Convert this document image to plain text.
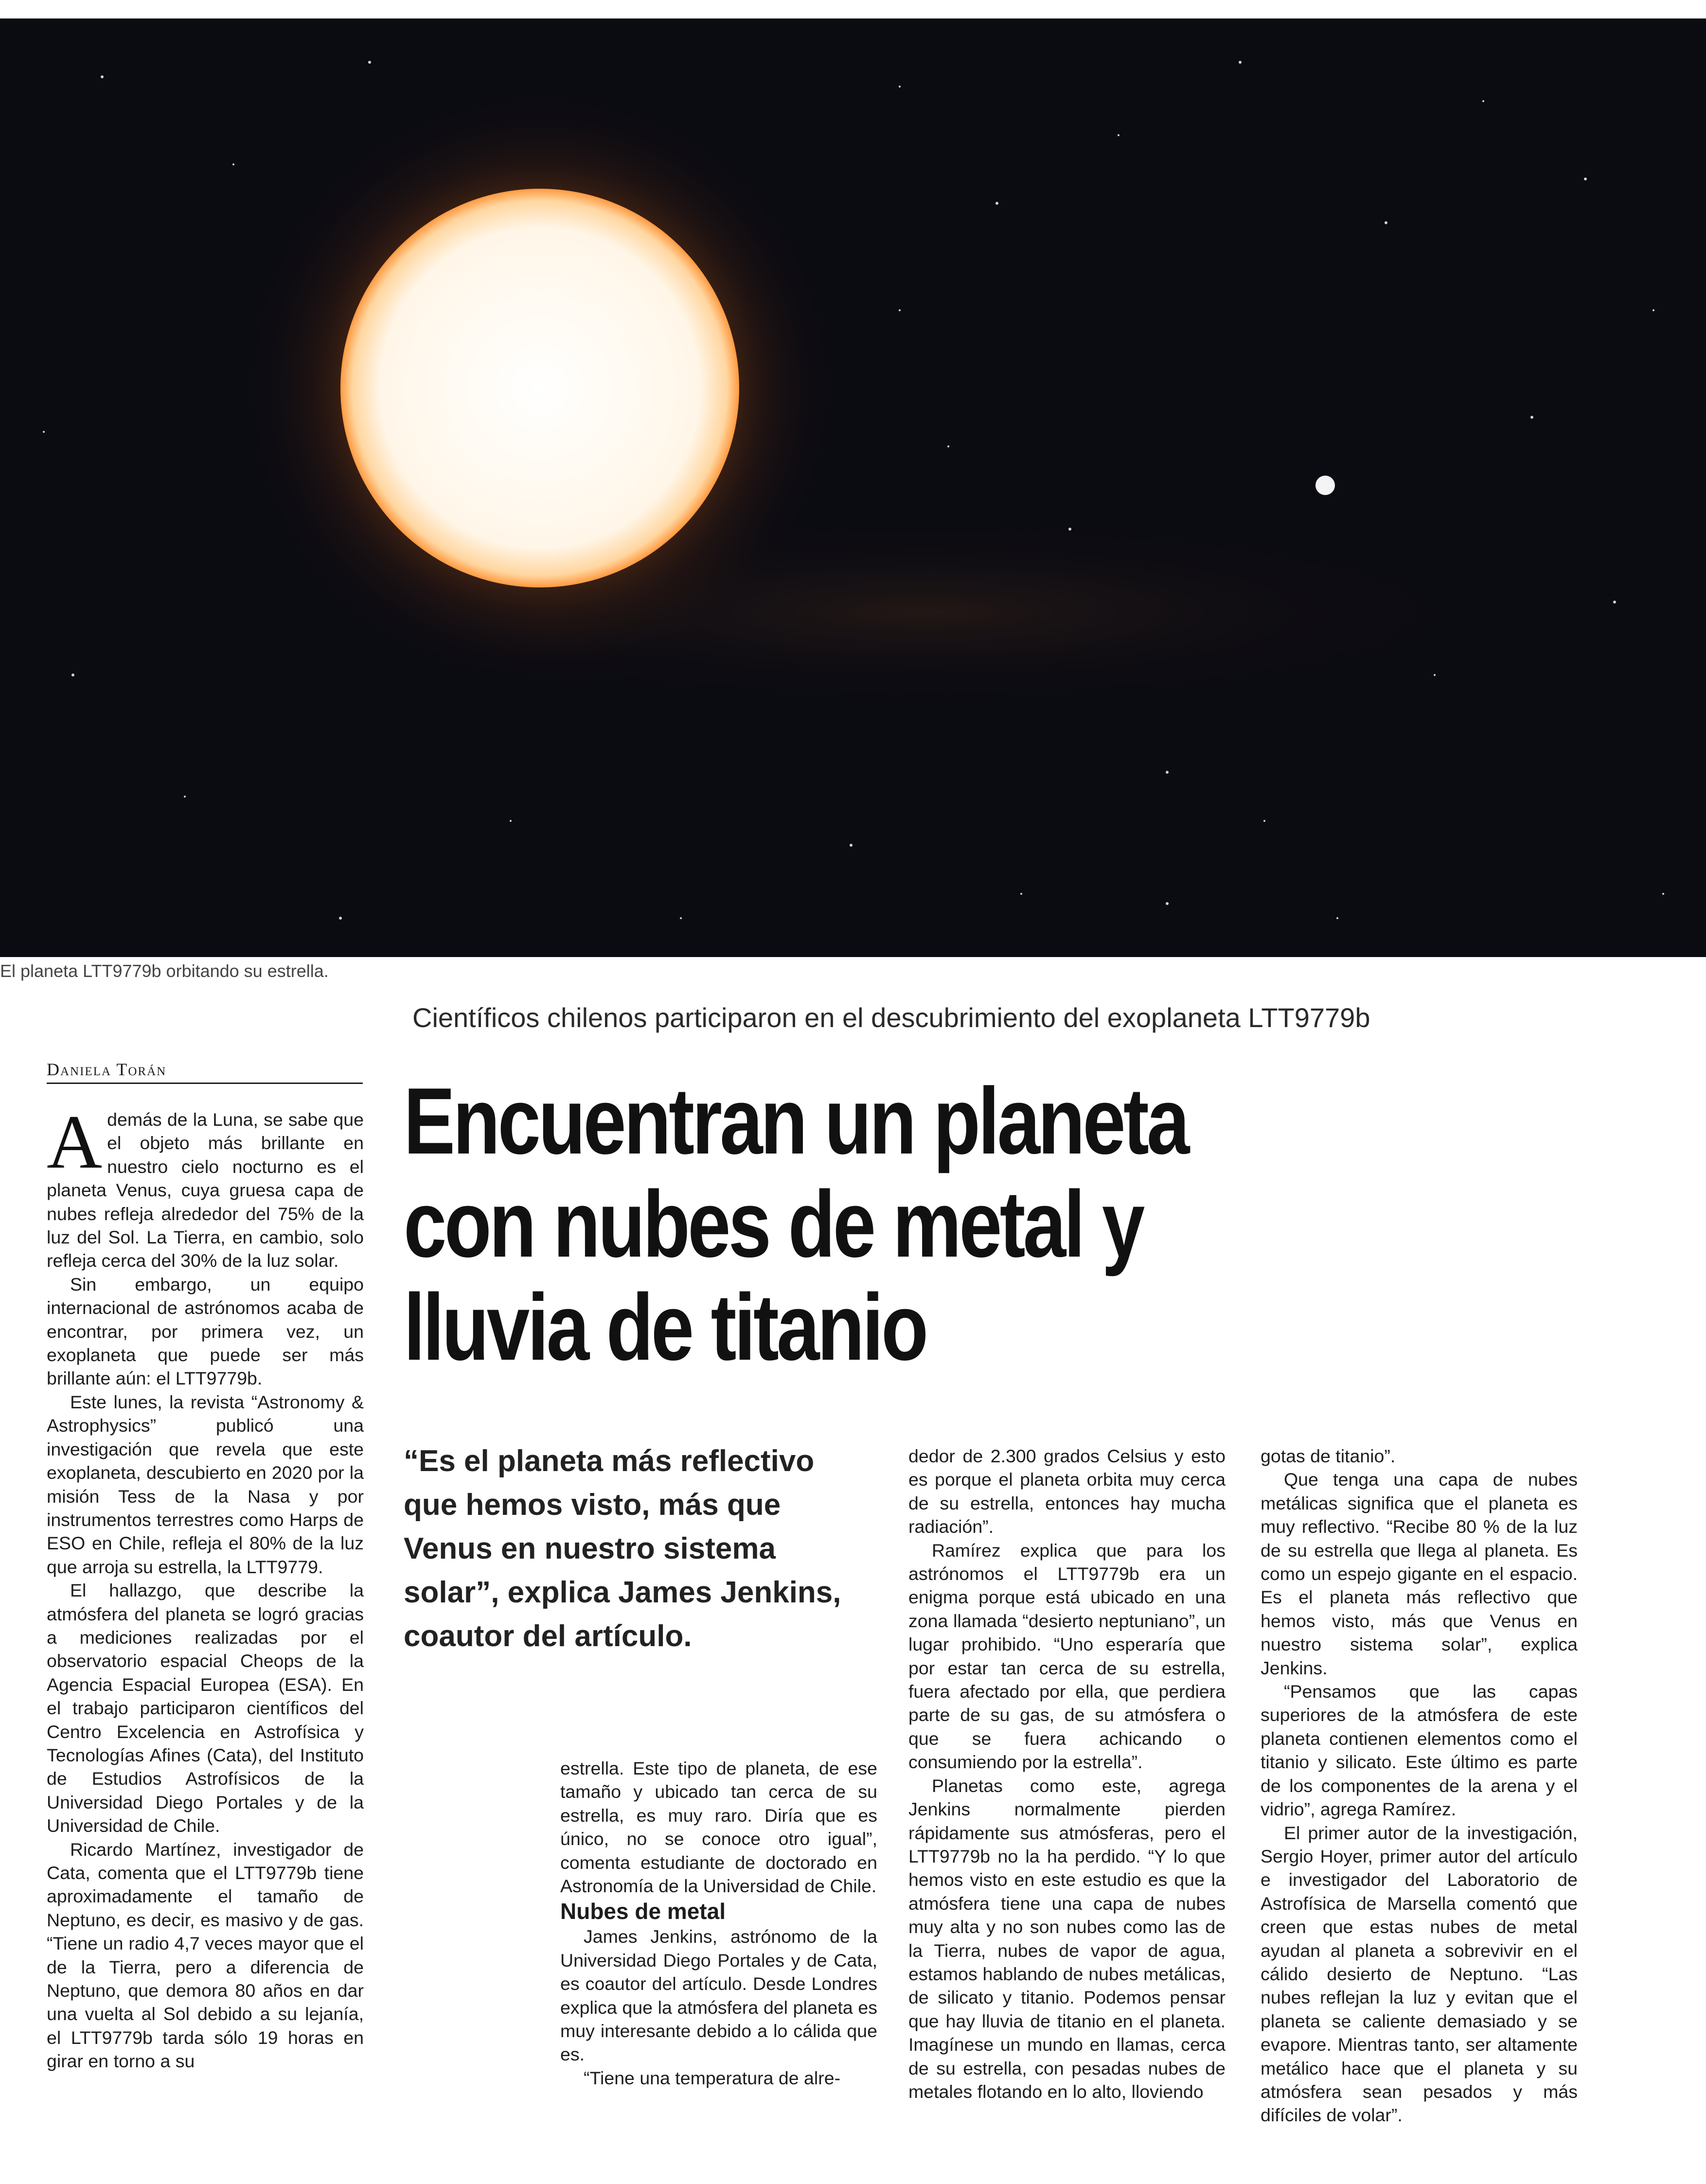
El planeta LTT9779b orbitando su estrella.
Científicos chilenos participaron en el descubrimiento del exoplaneta LTT9779b
Daniela Torán	Encuentran un planeta
con nubes de metal y
lluvia de titanio
“Es el planeta más reflectivo que hemos visto, más que Venus en nuestro sistema solar”, explica James Jenkins, coautor del artículo.

Además de la Luna, se sabe que el objeto más brillante en nuestro cielo nocturno es el planeta Venus, cuya gruesa capa de nubes refleja alrededor del 75% de la luz del Sol. La Tierra, en cambio, solo refleja cerca del 30% de la luz solar.

Sin embargo, un equipo internacional de astrónomos acaba de encontrar, por primera vez, un exoplaneta que puede ser más brillante aún: el LTT9779b.

Este lunes, la revista “Astronomy & Astrophysics” publicó una investigación que revela que este exoplaneta, descubierto en 2020 por la misión Tess de la Nasa y por instrumentos terrestres como Harps de ESO en Chile, refleja el 80% de la luz que arroja su estrella, la LTT9779.

El hallazgo, que describe la atmósfera del planeta se logró gracias a mediciones realizadas por el observatorio espacial Cheops de la Agencia Espacial Europea (ESA). En el trabajo participaron científicos del Centro Excelencia en Astrofísica y Tecnologías Afines (Cata), del Instituto de Estudios Astrofísicos de la Universidad Diego Portales y de la Universidad de Chile.

Ricardo Martínez, investigador de Cata, comenta que el LTT9779b tiene aproximadamente el tamaño de Neptuno, es decir, es masivo y de gas. “Tiene un radio 4,7 veces mayor que el de la Tierra, pero a diferencia de Neptuno, que demora 80 años en dar una vuelta al Sol debido a su lejanía, el LTT9779b tarda sólo 19 horas en girar en torno a su

estrella. Este tipo de planeta, de ese tamaño y ubicado tan cerca de su estrella, es muy raro. Diría que es único, no se conoce otro igual”, comenta estudiante de doctorado en Astronomía de la Universidad de Chile.

Nubes de metal

James Jenkins, astrónomo de la Universidad Diego Portales y de Cata, es coautor del artículo. Desde Londres explica que la atmósfera del planeta es muy interesante debido a lo cálida que es.

“Tiene una temperatura de alre-

dedor de 2.300 grados Celsius y esto es porque el planeta orbita muy cerca de su estrella, entonces hay mucha radiación”.

Ramírez explica que para los astrónomos el LTT9779b era un enigma porque está ubicado en una zona llamada “desierto neptuniano”, un lugar prohibido. “Uno esperaría que por estar tan cerca de su estrella, fuera afectado por ella, que perdiera parte de su gas, de su atmósfera o que se fuera achicando o consumiendo por la estrella”.

Planetas como este, agrega Jenkins normalmente pierden rápidamente sus atmósferas, pero el LTT9779b no la ha perdido. “Y lo que hemos visto en este estudio es que la atmósfera tiene una capa de nubes muy alta y no son nubes como las de la Tierra, nubes de vapor de agua, estamos hablando de nubes metálicas, de silicato y titanio. Podemos pensar que hay lluvia de titanio en el planeta. Imagínese un mundo en llamas, cerca de su estrella, con pesadas nubes de metales flotando en lo alto, lloviendo

gotas de titanio”.

Que tenga una capa de nubes metálicas significa que el planeta es muy reflectivo. “Recibe 80 % de la luz de su estrella que llega al planeta. Es como un espejo gigante en el espacio. Es el planeta más reflectivo que hemos visto, más que Venus en nuestro sistema solar”, explica Jenkins.

“Pensamos que las capas superiores de la atmósfera de este planeta contienen elementos como el titanio y silicato. Este último es parte de los componentes de la arena y el vidrio”, agrega Ramírez.

El primer autor de la investigación, Sergio Hoyer, primer autor del artículo e investigador del Laboratorio de Astrofísica de Marsella comentó que creen que estas nubes de metal ayudan al planeta a sobrevivir en el cálido desierto de Neptuno. “Las nubes reflejan la luz y evitan que el planeta se caliente demasiado y se evapore. Mientras tanto, ser altamente metálico hace que el planeta y su atmósfera sean pesados y más difíciles de volar”.
